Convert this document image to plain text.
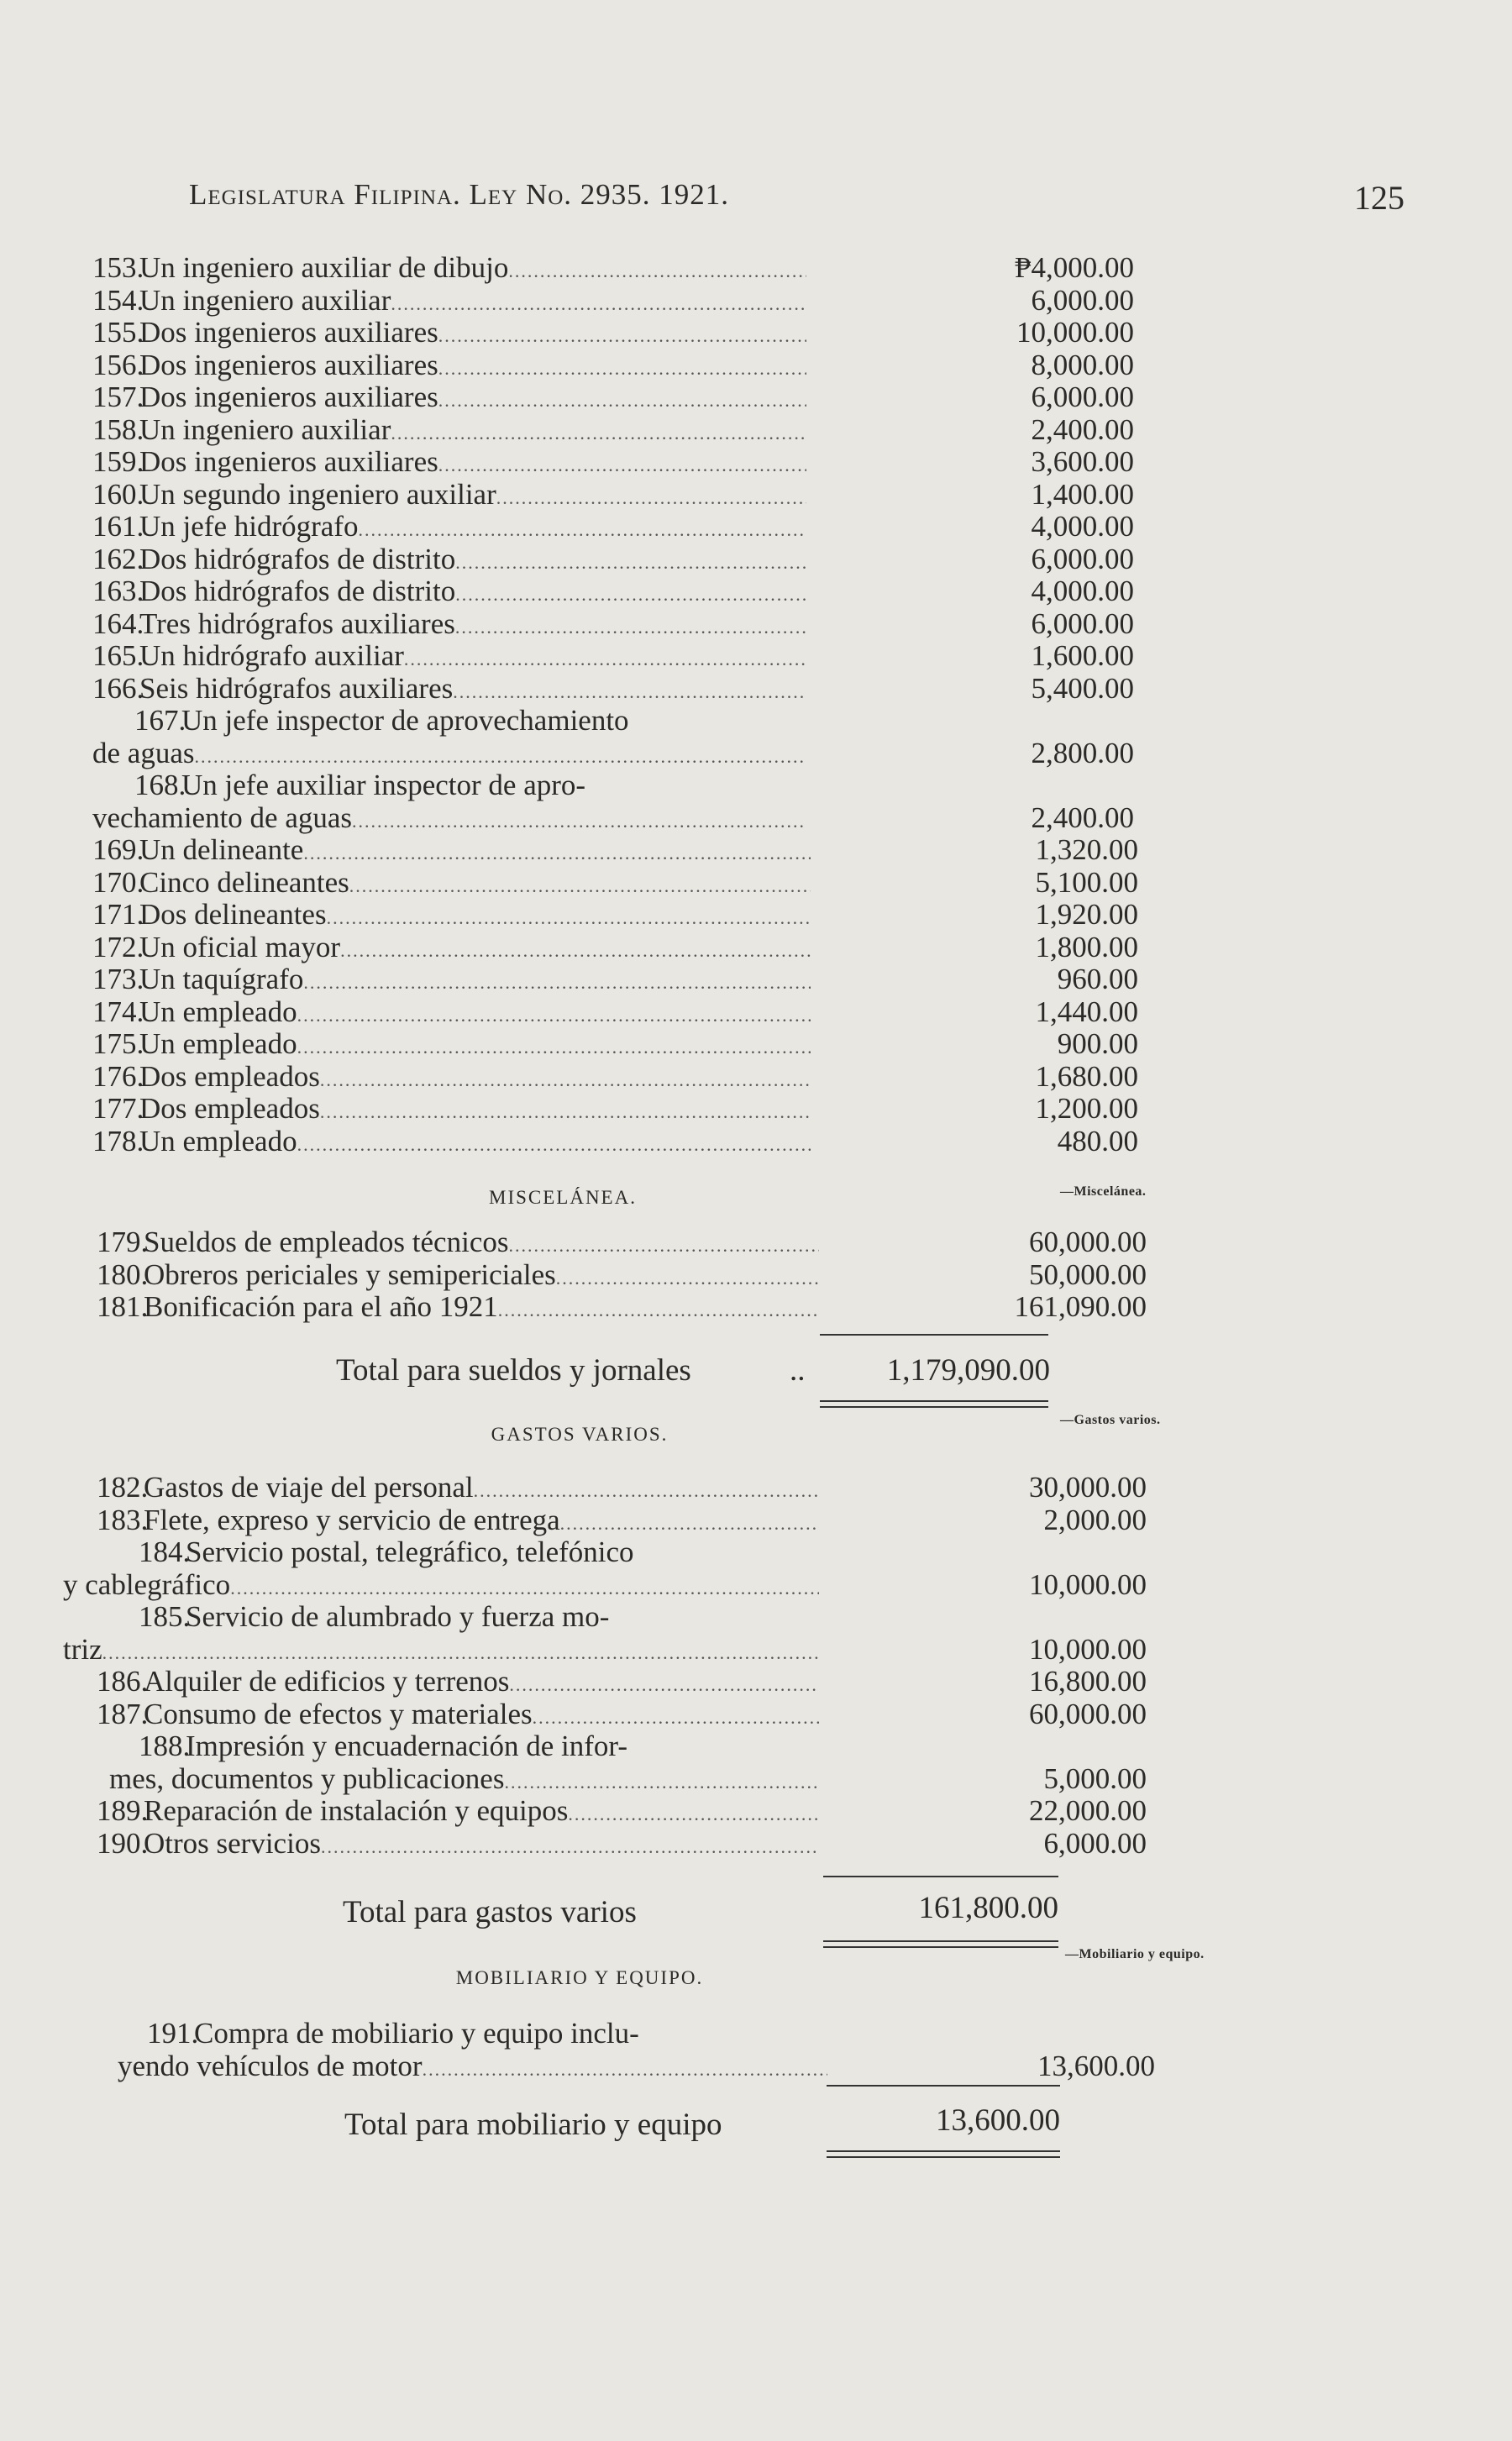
Legislatura Filipina. Ley No. 2935. 1921.	125
153.Un ingeniero auxiliar de dibujo .....	₱4,000.00
154.Un ingeniero auxiliar .....	6,000.00
155.Dos ingenieros auxiliares .....	10,000.00
156.Dos ingenieros auxiliares .....	8,000.00
157.Dos ingenieros auxiliares .....	6,000.00
158.Un ingeniero auxiliar .....	2,400.00
159.Dos ingenieros auxiliares .....	3,600.00
160.Un segundo ingeniero auxiliar .....	1,400.00
161.Un jefe hidrógrafo .....	4,000.00
162.Dos hidrógrafos de distrito .....	6,000.00
163.Dos hidrógrafos de distrito .....	4,000.00
164.Tres hidrógrafos auxiliares .....	6,000.00
165.Un hidrógrafo auxiliar .....	1,600.00
166.Seis hidrógrafos auxiliares .....	5,400.00
167.Un jefe inspector de aprovechamiento
de aguas .....	2,800.00
168.Un jefe auxiliar inspector de apro-
vechamiento de aguas .....	2,400.00
169.Un delineante .....	1,320.00
170.Cinco delineantes .....	5,100.00
171.Dos delineantes .....	1,920.00
172.Un oficial mayor .....	1,800.00
173.Un taquígrafo .....	960.00
174.Un empleado .....	1,440.00
175.Un empleado .....	900.00
176.Dos empleados .....	1,680.00
177.Dos empleados .....	1,200.00
178.Un empleado .....	480.00
MISCELÁNEA.	—Miscelánea.
179.Sueldos de empleados técnicos .....	60,000.00
180.Obreros periciales y semipericiales .....	50,000.00
181.Bonificación para el año 1921 .....	161,090.00
Total para sueldos y jornales	..	1,179,090.00
GASTOS VARIOS.
—Gastos varios.
182.Gastos de viaje del personal .....	30,000.00
183.Flete, expreso y servicio de entrega .....	2,000.00
184.Servicio postal, telegráfico, telefónico
y cablegráfico .....	10,000.00
185.Servicio de alumbrado y fuerza mo-
triz .....	10,000.00
186.Alquiler de edificios y terrenos .....	16,800.00
187.Consumo de efectos y materiales .....	60,000.00
188.Impresión y encuadernación de infor-
mes, documentos y publicaciones .....	5,000.00
189.Reparación de instalación y equipos .....	22,000.00
190.Otros servicios .....	6,000.00
Total para gastos varios	161,800.00
MOBILIARIO Y EQUIPO.
—Mobiliario y equipo.
191.Compra de mobiliario y equipo inclu-
yendo vehículos de motor .....	13,600.00
Total para mobiliario y equipo	13,600.00
